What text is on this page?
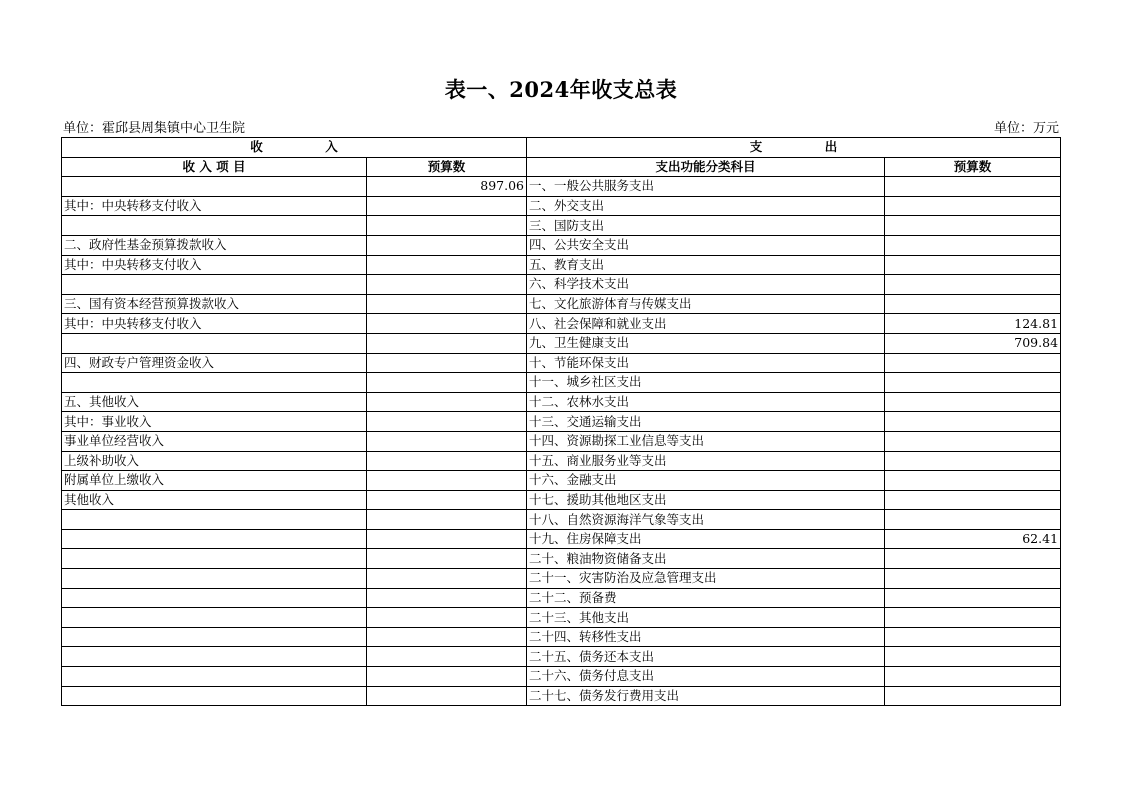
表一、2024年收支总表
单位：霍邱县周集镇中心卫生院	单位：万元
收　　　　　入		支　　　　　出	
收 入 项 目	预算数	支出功能分类科目	预算数
	897.06	一、一般公共服务支出	
其中：中央转移支付收入		二、外交支出	
		三、国防支出	
二、政府性基金预算拨款收入		四、公共安全支出	
其中：中央转移支付收入		五、教育支出	
		六、科学技术支出	
三、国有资本经营预算拨款收入		七、文化旅游体育与传媒支出	
其中：中央转移支付收入		八、社会保障和就业支出	124.81
		九、卫生健康支出	709.84
四、财政专户管理资金收入		十、节能环保支出	
		十一、城乡社区支出	
五、其他收入		十二、农林水支出	
其中：事业收入		十三、交通运输支出	
事业单位经营收入		十四、资源勘探工业信息等支出	
上级补助收入		十五、商业服务业等支出	
附属单位上缴收入		十六、金融支出	
其他收入		十七、援助其他地区支出	
		十八、自然资源海洋气象等支出	
		十九、住房保障支出	62.41
		二十、粮油物资储备支出	
		二十一、灾害防治及应急管理支出	
		二十二、预备费	
		二十三、其他支出	
		二十四、转移性支出	
		二十五、债务还本支出	
		二十六、债务付息支出	
		二十七、债务发行费用支出	
